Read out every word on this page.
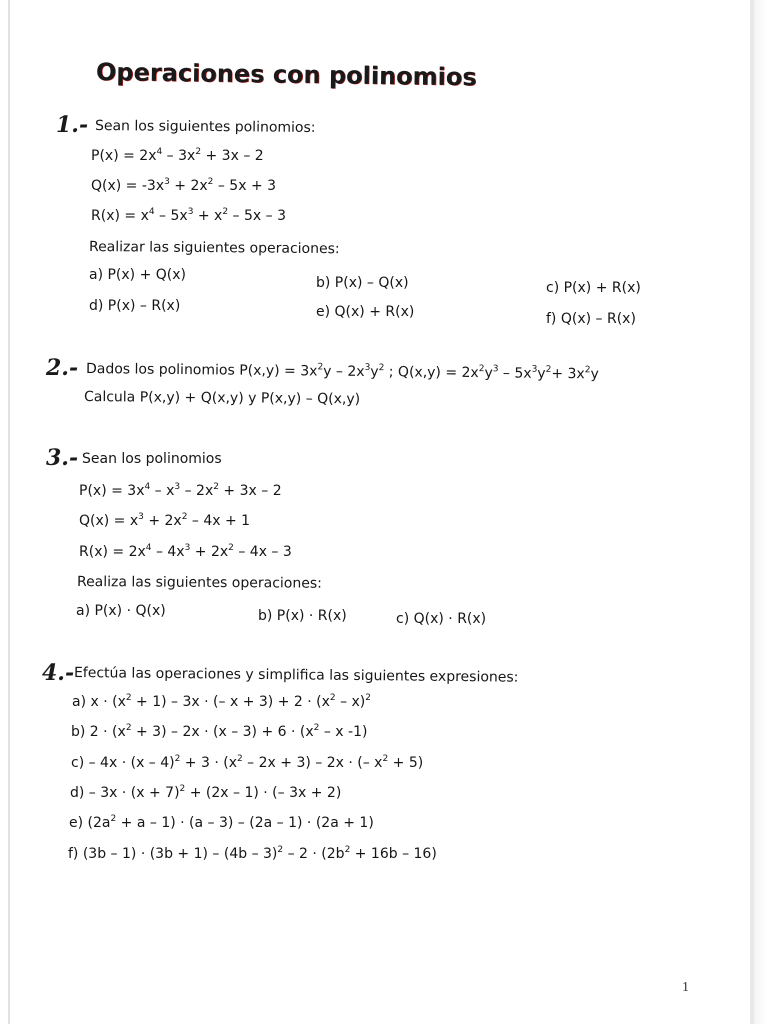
Operaciones con polinomios
1.- Sean los siguientes polinomios:
$P(x) = 2x^4 - 3x^2 + 3x - 2$
$Q(x) = -3x^3 + 2x^2 - 5x + 3$
$R(x) = x^4 - 5x^3 + x^2 - 5x - 3$
Realizar las siguientes operaciones:
a) P(x) + Q(x)	b) P(x) – Q(x)	c) P(x) + R(x)
d) P(x) – R(x)	e) Q(x) + R(x)	f) Q(x) – R(x)
2.- Dados los polinomios $P(x,y) = 3x^2y - 2x^3y^2$ ; $Q(x,y) = 2x^2y^3 - 5x^3y^2+ 3x^2y$
Calcula P(x,y) + Q(x,y) y P(x,y) – Q(x,y)
3.- Sean los polinomios
$P(x) = 3x^4 - x^3 - 2x^2 + 3x - 2$
$Q(x) = x^3 + 2x^2 - 4x + 1$
$R(x) = 2x^4 - 4x^3 + 2x^2 - 4x - 3$
Realiza las siguientes operaciones:
a) P(x) · Q(x)	b) P(x) · R(x)	c) Q(x) · R(x)
4.- Efectúa las operaciones y simplifica las siguientes expresiones:
a) $x \cdot (x^2 + 1) - 3x$ · (– $x + 3) + 2 \cdot (x^2 - x)^2$
b) $2 \cdot (x^2 + 3) - 2x \cdot (x - 3) + 6 \cdot (x^2 - x$ -1)
$c) - 4x \cdot (x - 4)^2 + 3 \cdot (x^2 - 2x + 3) - 2x$ · (– $x^2 + 5$)
$d) - 3x \cdot (x + 7)^2 + (2x - 1)$ · (– 3x + 2)
e) $(2a^2 + a - 1) \cdot (a - 3) - (2a - 1) \cdot (2a + 1)$
f) $(3b - 1) \cdot (3b + 1) - (4b - 3)^2 - 2 \cdot (2b^2 + 16b - 16)$
1
